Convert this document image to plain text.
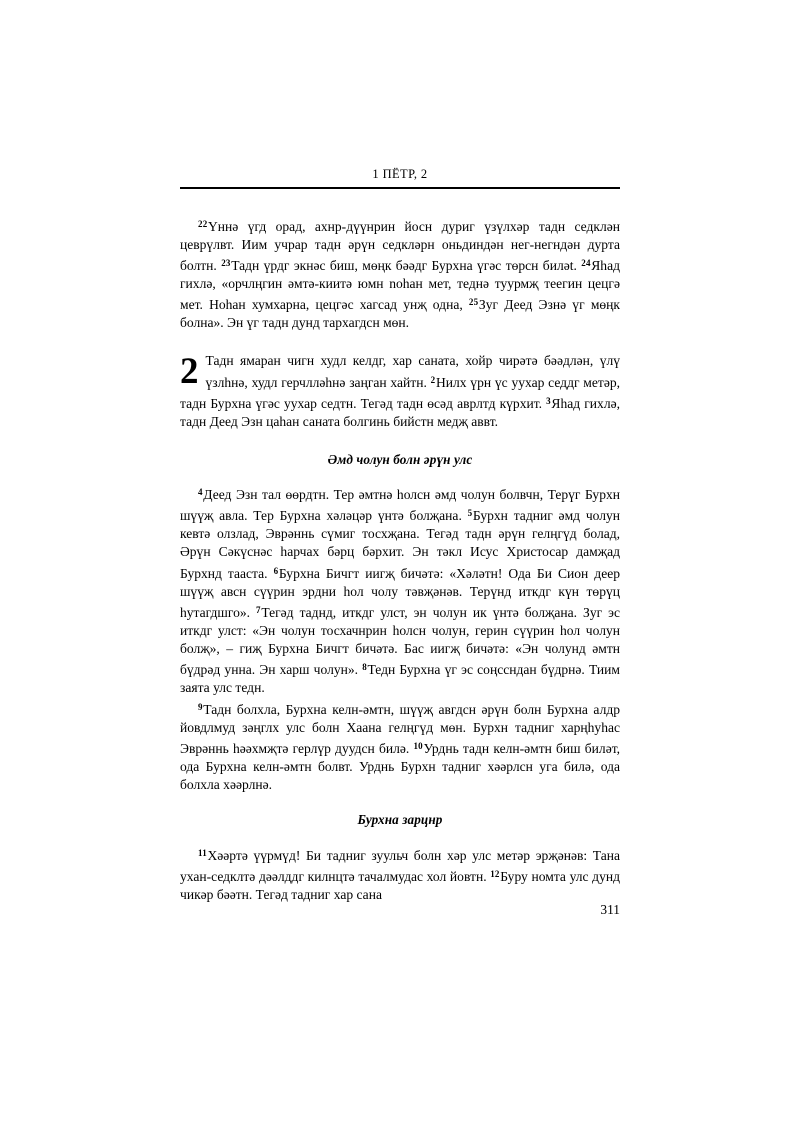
1 ПЁТР, 2

$^{22}$Үннә үгд орад, ахнр-дүүнрин йосн дуриг үзүлхәр тадн седклән цеврүлвт. Иим учрар тадн әрүн седкләрн оньдиндән нег-негндән дурта болтн. $^{23}$Тадн үрдг экнәс биш, мөңк бәәдг Бурхна үгәс төрсн билət. $^{24}$Яһад гихлә, «орчлңгин әмтә-киитә юмн noһaн мет, теднә туурмҗ теегин цецгә мет. Ноһан хумхарна, цецгәс хагсад унҗ одна, $^{25}$Зуг Деед Эзнә үг мөңк болна». Эн үг тадн дунд тархагдсн мөн.

2 Тадн ямаран чигн худл келдг, хар саната, хойр чирәтә бәәдлән, үлү үзлһнә, худл герчлләһнә заңган хайтн. $^2$Нилх үрн үс уухар седдг метәр, тадн Бурхна үгәс уухар седтн. Тегәд тадн өсәд аврлтд күрхит. $^3$Яһад гихлә, тадн Деед Эзн цаһан саната болгинь бийстн медҗ аввт.

Әмд чолун болн әрүн улс

$^4$Деед Эзн тал өөрдтн. Тер әмтнә һолсн әмд чолун болвчн, Терүг Бурхн шүүҗ авла. Тер Бурхна хәләцәр үнтә болҗана. $^5$Бурхн тадниг әмд чолун кевтә олзлад, Эврәннь сүмиг тосхҗана. Тегәд тадн әрүн гелңгүд болад, Әрүн Сәкүснәс һарчах бәрц бәрхит. Эн тәкл Исус Христосар дамҗад Бурхнд тааста. $^6$Бурхна Бичгт иигҗ бичәтә: «Хәләтн! Ода Би Сион деер шүүҗ авсн сүүрин эрдни һол чолу тәвҗәнәв. Терүнд иткдг күн төрүц һутагдшго». $^7$Тегәд таднд, иткдг улст, эн чолун ик үнтә болҗана. Зуг эс иткдг улст: «Эн чолун тосхачнрин һолсн чолун, герин сүүрин һол чолун болҗ», – гиҗ Бурхна Бичгт бичәтә. Бас иигҗ бичәтә: «Эн чолунд әмтн бүдрәд унна. Эн харш чолун». $^8$Тедн Бурхна үг эс соңссндан бүдрнә. Тиим заята улс тедн.

$^9$Тадн болхла, Бурхна келн-әмтн, шүүҗ авгдсн әрүн болн Бурхна алдр йовдлмуд зәңглх улс болн Хаана гелңгүд мөн. Бурхн тадниг харңһуһас Эврәннь һәәхмҗтә герлүр дуудсн билә. $^{10}$Урднь тадн келн-әмтн биш биләт, ода Бурхна келн-әмтн болвт. Урднь Бурхн тадниг хәәрлсн уга билә, ода болхла хәәрлнә.

Бурхна зарцнр

$^{11}$Хәәртә үүрмүд! Би тадниг зуульч болн хәр улс метәр эрҗәнәв: Тана ухан-седклтә дәәлддг килнцтә тачалмудас хол йовтн. $^{12}$Буру номта улс дунд чикәр бәәтн. Тегәд тадниг хар сана

311
